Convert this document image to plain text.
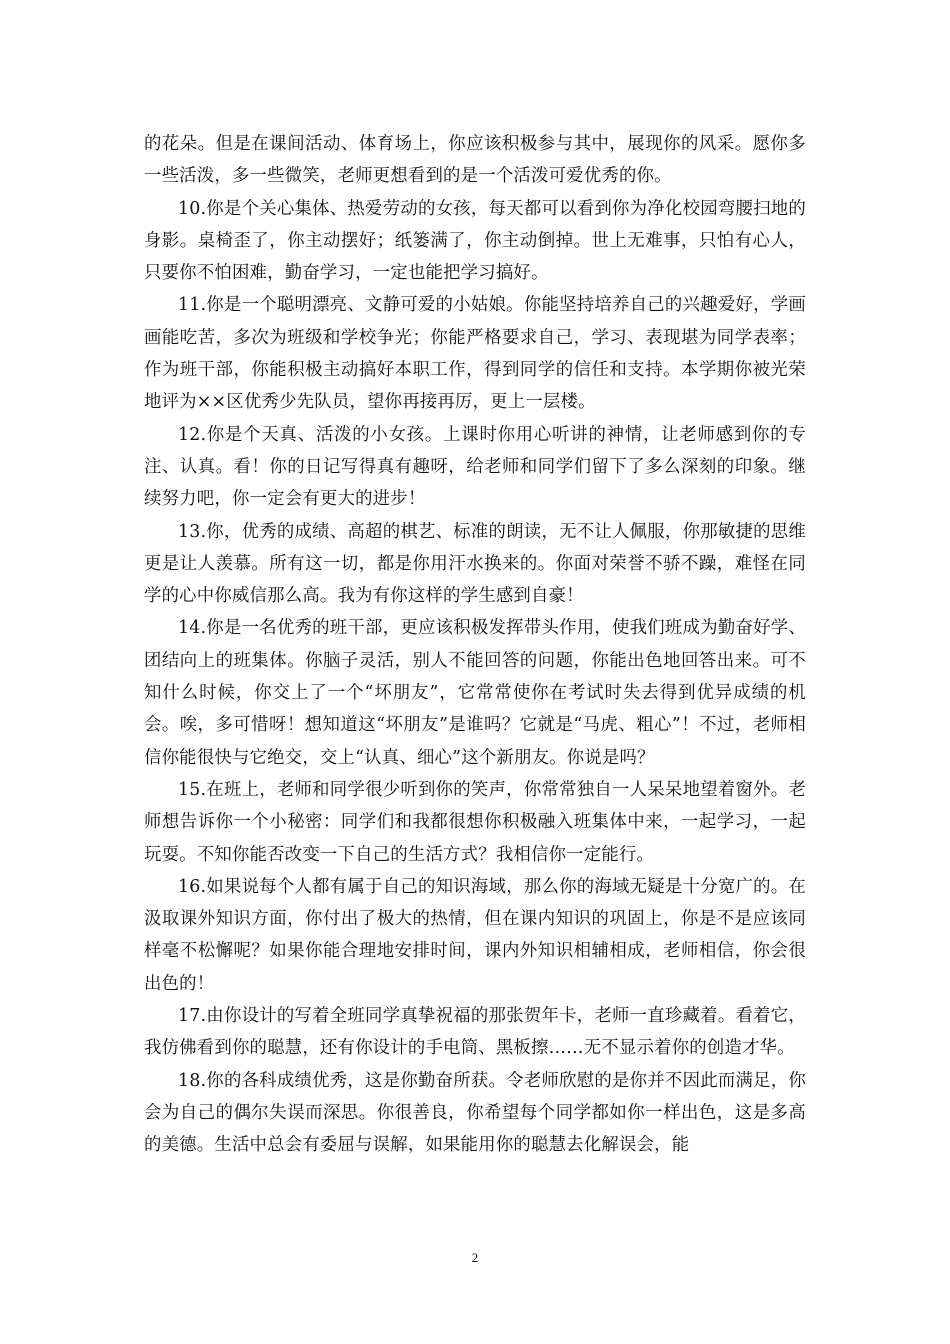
的花朵。但是在课间活动、体育场上，你应该积极参与其中，展现你的风采。愿你多一些活泼，多一些微笑，老师更想看到的是一个活泼可爱优秀的你。

10.你是个关心集体、热爱劳动的女孩，每天都可以看到你为净化校园弯腰扫地的身影。桌椅歪了，你主动摆好；纸篓满了，你主动倒掉。世上无难事，只怕有心人，只要你不怕困难，勤奋学习，一定也能把学习搞好。

11.你是一个聪明漂亮、文静可爱的小姑娘。你能坚持培养自己的兴趣爱好，学画画能吃苦，多次为班级和学校争光；你能严格要求自己，学习、表现堪为同学表率；作为班干部，你能积极主动搞好本职工作，得到同学的信任和支持。本学期你被光荣地评为××区优秀少先队员，望你再接再厉，更上一层楼。

12.你是个天真、活泼的小女孩。上课时你用心听讲的神情，让老师感到你的专注、认真。看！你的日记写得真有趣呀，给老师和同学们留下了多么深刻的印象。继续努力吧，你一定会有更大的进步！

13.你，优秀的成绩、高超的棋艺、标准的朗读，无不让人佩服，你那敏捷的思维更是让人羡慕。所有这一切，都是你用汗水换来的。你面对荣誉不骄不躁，难怪在同学的心中你威信那么高。我为有你这样的学生感到自豪！

14.你是一名优秀的班干部，更应该积极发挥带头作用，使我们班成为勤奋好学、团结向上的班集体。你脑子灵活，别人不能回答的问题，你能出色地回答出来。可不知什么时候，你交上了一个“坏朋友”，它常常使你在考试时失去得到优异成绩的机会。唉，多可惜呀！想知道这“坏朋友”是谁吗？它就是“马虎、粗心”！不过，老师相信你能很快与它绝交，交上“认真、细心”这个新朋友。你说是吗？

15.在班上，老师和同学很少听到你的笑声，你常常独自一人呆呆地望着窗外。老师想告诉你一个小秘密：同学们和我都很想你积极融入班集体中来，一起学习，一起玩耍。不知你能否改变一下自己的生活方式？我相信你一定能行。

16.如果说每个人都有属于自己的知识海域，那么你的海域无疑是十分宽广的。在汲取课外知识方面，你付出了极大的热情，但在课内知识的巩固上，你是不是应该同样毫不松懈呢？如果你能合理地安排时间，课内外知识相辅相成，老师相信，你会很出色的！

17.由你设计的写着全班同学真挚祝福的那张贺年卡，老师一直珍藏着。看着它，我仿佛看到你的聪慧，还有你设计的手电筒、黑板擦……无不显示着你的创造才华。

18.你的各科成绩优秀，这是你勤奋所获。令老师欣慰的是你并不因此而满足，你会为自己的偶尔失误而深思。你很善良，你希望每个同学都如你一样出色，这是多高的美德。生活中总会有委屈与误解，如果能用你的聪慧去化解误会，能

2
